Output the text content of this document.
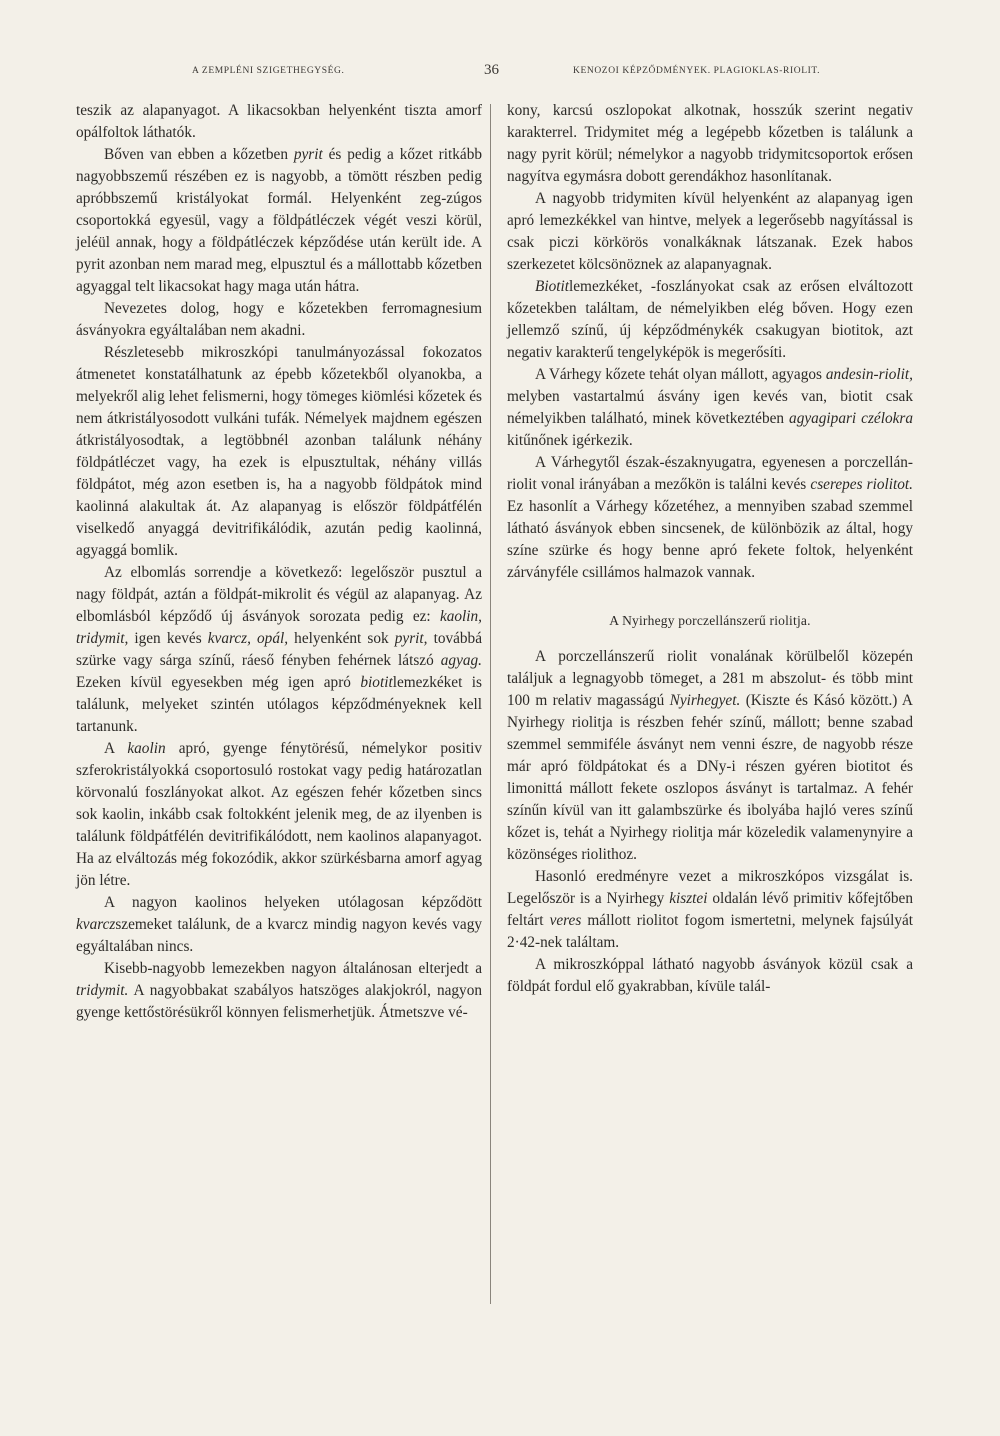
A ZEMPLÉNI SZIGETHEGYSÉG.	36	KENOZOI KÉPZŐDMÉNYEK. PLAGIOKLAS-RIOLIT.

teszik az alapanyagot. A likacsokban helyenként tiszta amorf opálfoltok láthatók.

Bőven van ebben a kőzetben pyrit és pedig a kőzet ritkább nagyobbszemű részében ez is nagyobb, a tömött részben pedig apróbbszemű kristályokat formál. Helyenként zeg-zúgos csoportokká egyesül, vagy a földpátléczek végét veszi körül, jeléül annak, hogy a földpátléczek képződése után került ide. A pyrit azonban nem marad meg, elpusztul és a mállottabb kőzetben agyaggal telt likacsokat hagy maga után hátra.

Nevezetes dolog, hogy e kőzetekben ferromagnesium ásványokra egyáltalában nem akadni.

Részletesebb mikroszkópi tanulmányozással fokozatos átmenetet konstatálhatunk az épebb kőzetekből olyanokba, a melyekről alig lehet felismerni, hogy tömeges kiömlési kőzetek és nem átkristályosodott vulkáni tufák. Némelyek majdnem egészen átkristályosodtak, a legtöbbnél azonban találunk néhány földpátléczet vagy, ha ezek is elpusztultak, néhány villás földpátot, még azon esetben is, ha a nagyobb földpátok mind kaolinná alakultak át. Az alapanyag is először földpátfélén viselkedő anyaggá devitrifikálódik, azután pedig kaolinná, agyaggá bomlik.

Az elbomlás sorrendje a következő: legelőször pusztul a nagy földpát, aztán a földpát-mikrolit és végül az alapanyag. Az elbomlásból képződő új ásványok sorozata pedig ez: kaolin, tridymit, igen kevés kvarcz, opál, helyenként sok pyrit, továbbá szürke vagy sárga színű, ráeső fényben fehérnek látszó agyag. Ezeken kívül egyesekben még igen apró biotitlemezkéket is találunk, melyeket szintén utólagos képződményeknek kell tartanunk.

A kaolin apró, gyenge fénytörésű, némelykor positiv szferokristályokká csoportosuló rostokat vagy pedig határozatlan körvonalú foszlányokat alkot. Az egészen fehér kőzetben sincs sok kaolin, inkább csak foltokként jelenik meg, de az ilyenben is találunk földpátfélén devitrifikálódott, nem kaolinos alapanyagot. Ha az elváltozás még fokozódik, akkor szürkésbarna amorf agyag jön létre.

A nagyon kaolinos helyeken utólagosan képződött kvarczszemeket találunk, de a kvarcz mindig nagyon kevés vagy egyáltalában nincs.

Kisebb-nagyobb lemezekben nagyon általánosan elterjedt a tridymit. A nagyobbakat szabályos hatszöges alakjokról, nagyon gyenge kettőstörésükről könnyen felismerhetjük. Átmetszve vé-

kony, karcsú oszlopokat alkotnak, hosszúk szerint negativ karakterrel. Tridymitet még a legépebb kőzetben is találunk a nagy pyrit körül; némelykor a nagyobb tridymitcsoportok erősen nagyítva egymásra dobott gerendákhoz hasonlítanak.

A nagyobb tridymiten kívül helyenként az alapanyag igen apró lemezkékkel van hintve, melyek a legerősebb nagyítással is csak piczi körkörös vonalkáknak látszanak. Ezek habos szerkezetet kölcsönöznek az alapanyagnak.

Biotitlemezkéket, -foszlányokat csak az erősen elváltozott kőzetekben találtam, de némelyikben elég bőven. Hogy ezen jellemző színű, új képződménykék csakugyan biotitok, azt negativ karakterű tengelyképök is megerősíti.

A Várhegy kőzete tehát olyan mállott, agyagos andesin-riolit, melyben vastartalmú ásvány igen kevés van, biotit csak némelyikben található, minek következtében agyagipari czélokra kitűnőnek igérkezik.

A Várhegytől észak-északnyugatra, egyenesen a porczellán-riolit vonal irányában a mezőkön is találni kevés cserepes riolitot. Ez hasonlít a Várhegy kőzetéhez, a mennyiben szabad szemmel látható ásványok ebben sincsenek, de különbözik az által, hogy színe szürke és hogy benne apró fekete foltok, helyenként zárványféle csillámos halmazok vannak.

A Nyirhegy porczellánszerű riolitja.

A porczellánszerű riolit vonalának körülbelől közepén találjuk a legnagyobb tömeget, a 281 m abszolut- és több mint 100 m relativ magasságú Nyirhegyet. (Kiszte és Kásó között.) A Nyirhegy riolitja is részben fehér színű, mállott; benne szabad szemmel semmiféle ásványt nem venni észre, de nagyobb része már apró földpátokat és a DNy-i részen gyéren biotitot és limonittá mállott fekete oszlopos ásványt is tartalmaz. A fehér színűn kívül van itt galambszürke és ibolyába hajló veres színű kőzet is, tehát a Nyirhegy riolitja már közeledik valamenynyire a közönséges riolithoz.

Hasonló eredményre vezet a mikroszkópos vizsgálat is. Legelőször is a Nyirhegy kisztei oldalán lévő primitiv kőfejtőben feltárt veres mállott riolitot fogom ismertetni, melynek fajsúlyát 2·42-nek találtam.

A mikroszkóppal látható nagyobb ásványok közül csak a földpát fordul elő gyakrabban, kívüle talál-
